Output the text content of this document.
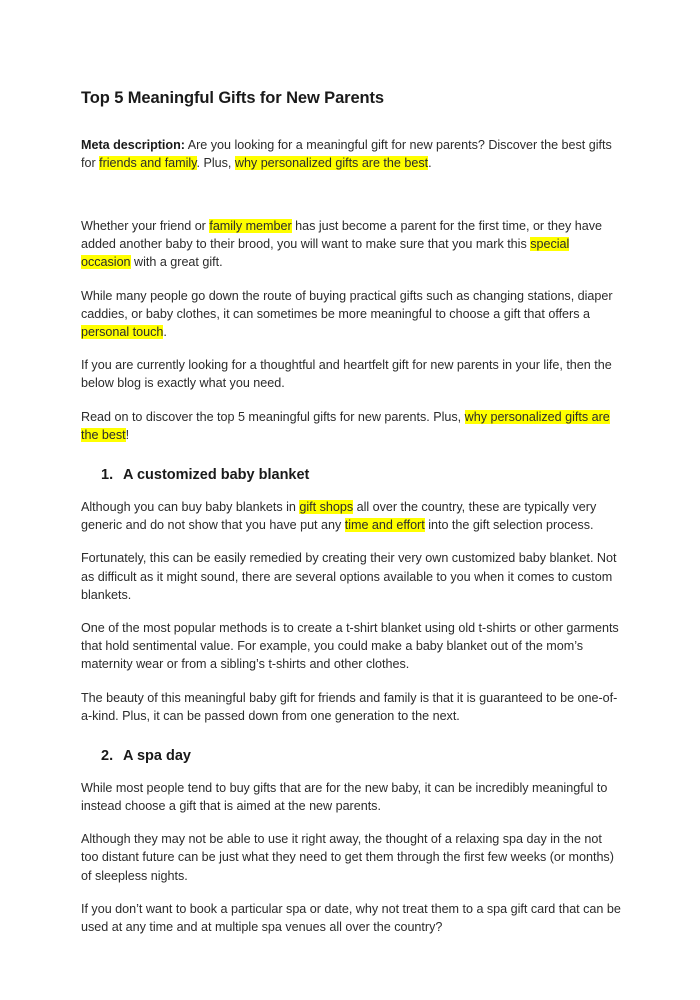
Top 5 Meaningful Gifts for New Parents

Meta description: Are you looking for a meaningful gift for new parents? Discover the best gifts for friends and family. Plus, why personalized gifts are the best.

Whether your friend or family member has just become a parent for the first time, or they have added another baby to their brood, you will want to make sure that you mark this special occasion with a great gift.

While many people go down the route of buying practical gifts such as changing stations, diaper caddies, or baby clothes, it can sometimes be more meaningful to choose a gift that offers a personal touch.

If you are currently looking for a thoughtful and heartfelt gift for new parents in your life, then the below blog is exactly what you need.

Read on to discover the top 5 meaningful gifts for new parents. Plus, why personalized gifts are the best!

1. A customized baby blanket

Although you can buy baby blankets in gift shops all over the country, these are typically very generic and do not show that you have put any time and effort into the gift selection process.

Fortunately, this can be easily remedied by creating their very own customized baby blanket. Not as difficult as it might sound, there are several options available to you when it comes to custom blankets.

One of the most popular methods is to create a t-shirt blanket using old t-shirts or other garments that hold sentimental value. For example, you could make a baby blanket out of the mom’s maternity wear or from a sibling’s t-shirts and other clothes.

The beauty of this meaningful baby gift for friends and family is that it is guaranteed to be one-of-a-kind. Plus, it can be passed down from one generation to the next.

2. A spa day

While most people tend to buy gifts that are for the new baby, it can be incredibly meaningful to instead choose a gift that is aimed at the new parents.

Although they may not be able to use it right away, the thought of a relaxing spa day in the not too distant future can be just what they need to get them through the first few weeks (or months) of sleepless nights.

If you don’t want to book a particular spa or date, why not treat them to a spa gift card that can be used at any time and at multiple spa venues all over the country?
